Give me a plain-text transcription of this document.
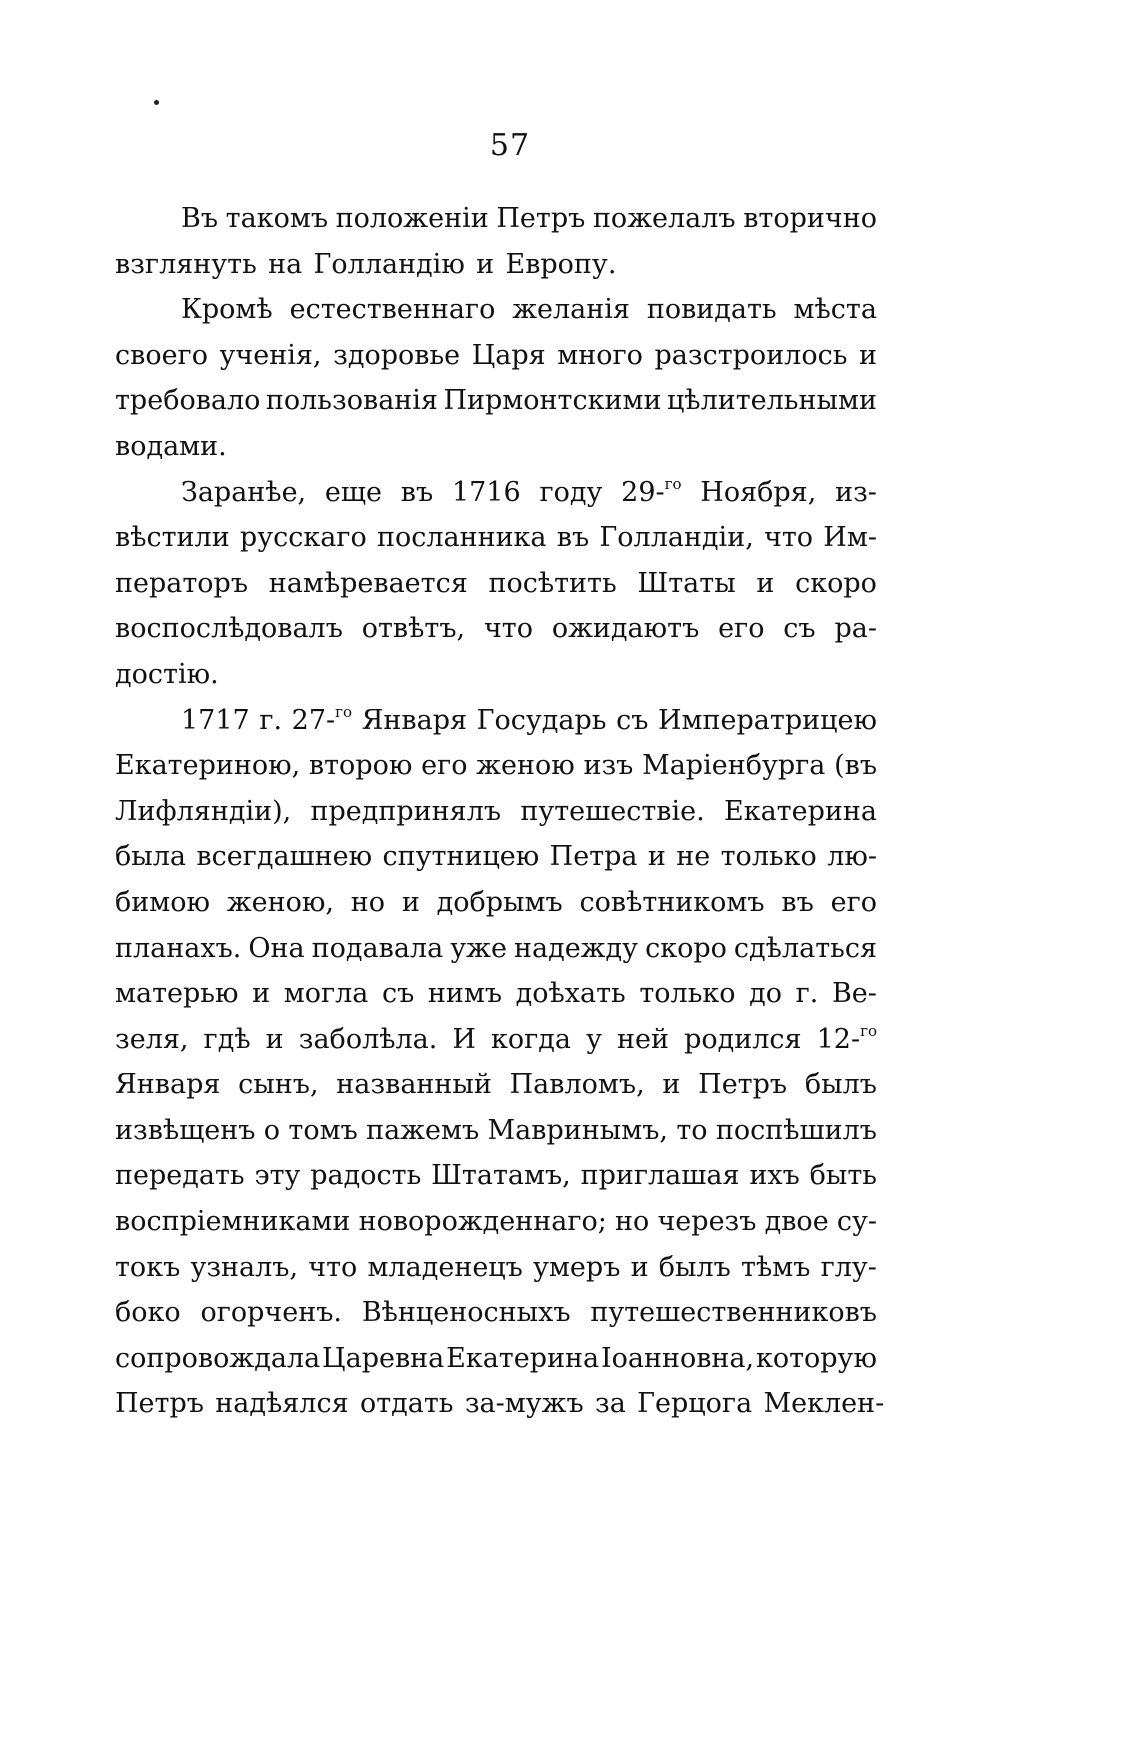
57
Въ такомъ положеніи Петръ пожелалъ вторично
взглянуть на Голландію и Европу.
Кромѣ естественнаго желанія повидать мѣста
своего ученія, здоровье Царя много разстроилось и
требовало пользованія Пирмонтскими цѣлительными
водами.
Заранѣе, еще въ 1716 году 29-$^{го}$ Ноября, из-
вѣстили русскаго посланника въ Голландіи, что Им-
ператоръ намѣревается посѣтить Штаты и скоро
воспослѣдовалъ отвѣтъ, что ожидаютъ его съ ра-
достію.
1717 г. 27-$^{го}$ Января Государь съ Императрицею
Екатериною, второю его женою изъ Маріенбурга (въ
Лифляндіи), предпринялъ путешествіе. Екатерина
была всегдашнею спутницею Петра и не только лю-
бимою женою, но и добрымъ совѣтникомъ въ его
планахъ. Она подавала уже надежду скоро сдѣлаться
матерью и могла съ нимъ доѣхать только до г. Ве-
зеля, гдѣ и заболѣла. И когда у ней родился 12-$^{го}$
Января сынъ, названный Павломъ, и Петръ былъ
извѣщенъ о томъ пажемъ Мавринымъ, то поспѣшилъ
передать эту радость Штатамъ, приглашая ихъ быть
воспріемниками новорожденнаго; но черезъ двое су-
токъ узналъ, что младенецъ умеръ и былъ тѣмъ глу-
боко огорченъ. Вѣнценосныхъ путешественниковъ
сопровождала Царевна Екатерина Іоанновна, которую
Петръ надѣялся отдать за-мужъ за Герцога Меклен-
